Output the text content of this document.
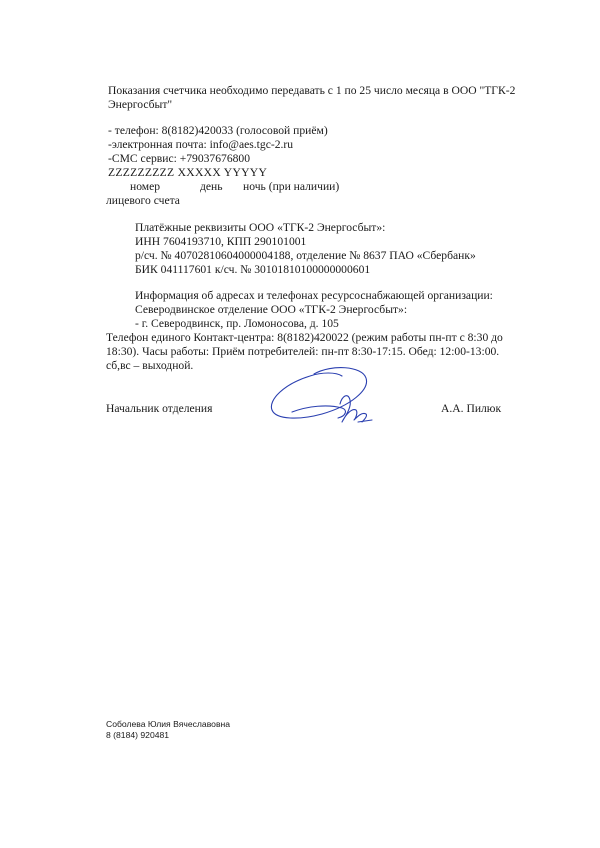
Показания счетчика необходимо передавать с 1 по 25 число месяца в ООО "ТГК-2
Энергосбыт"
- телефон: 8(8182)420033 (голосовой приём)
-электронная почта: info@aes.tgc-2.ru
-СМС сервис: +79037676800
ZZZZZZZZZ XXXXX YYYYY
номер	день ночь (при наличии)
лицевого счета
Платёжные реквизиты ООО «ТГК-2 Энергосбыт»:
ИНН 7604193710, КПП 290101001
р/сч. № 40702810604000004188, отделение № 8637 ПАО «Сбербанк»
БИК 041117601 к/сч. № 30101810100000000601
Информация об адресах и телефонах ресурсоснабжающей организации:
Северодвинское отделение ООО «ТГК-2 Энергосбыт»:
- г. Северодвинск, пр. Ломоносова, д. 105
Телефон единого Контакт-центра: 8(8182)420022 (режим работы пн-пт с 8:30 до
18:30). Часы работы: Приём потребителей: пн-пт 8:30-17:15. Обед: 12:00-13:00.
сб,вс – выходной.
Начальник отделения	А.А. Пилюк
Соболева Юлия Вячеславовна
8 (8184) 920481
